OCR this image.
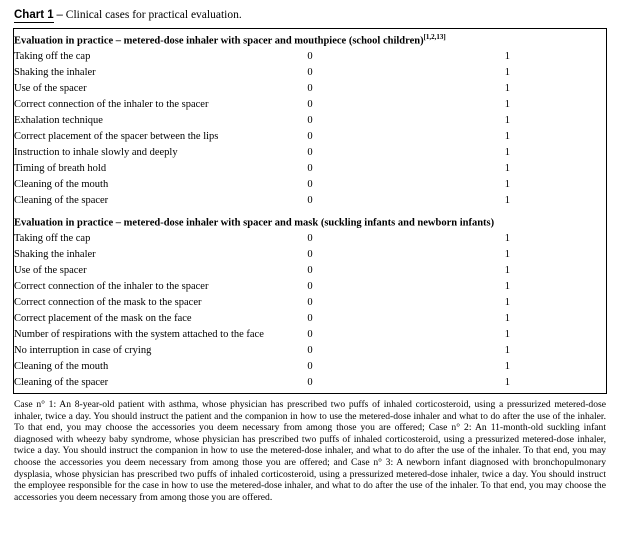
Chart 1 – Clinical cases for practical evaluation.
Evaluation in practice – metered-dose inhaler with spacer and mouthpiece (school children)[1,2,13]
Taking off the cap	0	1
Shaking the inhaler	0	1
Use of the spacer	0	1
Correct connection of the inhaler to the spacer	0	1
Exhalation technique	0	1
Correct placement of the spacer between the lips	0	1
Instruction to inhale slowly and deeply	0	1
Timing of breath hold	0	1
Cleaning of the mouth	0	1
Cleaning of the spacer	0	1
Evaluation in practice – metered-dose inhaler with spacer and mask (suckling infants and newborn infants)		
Taking off the cap	0	1
Shaking the inhaler	0	1
Use of the spacer	0	1
Correct connection of the inhaler to the spacer	0	1
Correct connection of the mask to the spacer	0	1
Correct placement of the mask on the face	0	1
Number of respirations with the system attached to the face	0	1
No interruption in case of crying	0	1
Cleaning of the mouth	0	1
Cleaning of the spacer	0	1
Case n° 1: An 8-year-old patient with asthma, whose physician has prescribed two puffs of inhaled corticosteroid, using a pressurized metered-dose inhaler, twice a day. You should instruct the patient and the companion in how to use the metered-dose inhaler and what to do after the use of the inhaler. To that end, you may choose the accessories you deem necessary from among those you are offered; Case n° 2: An 11-month-old suckling infant diagnosed with wheezy baby syndrome, whose physician has prescribed two puffs of inhaled corticosteroid, using a pressurized metered-dose inhaler, twice a day. You should instruct the companion in how to use the metered-dose inhaler, and what to do after the use of the inhaler. To that end, you may choose the accessories you deem necessary from among those you are offered; and Case n° 3: A newborn infant diagnosed with bronchopulmonary dysplasia, whose physician has prescribed two puffs of inhaled corticosteroid, using a pressurized metered-dose inhaler, twice a day. You should instruct the employee responsible for the case in how to use the metered-dose inhaler, and what to do after the use of the inhaler. To that end, you may choose the accessories you deem necessary from among those you are offered.
